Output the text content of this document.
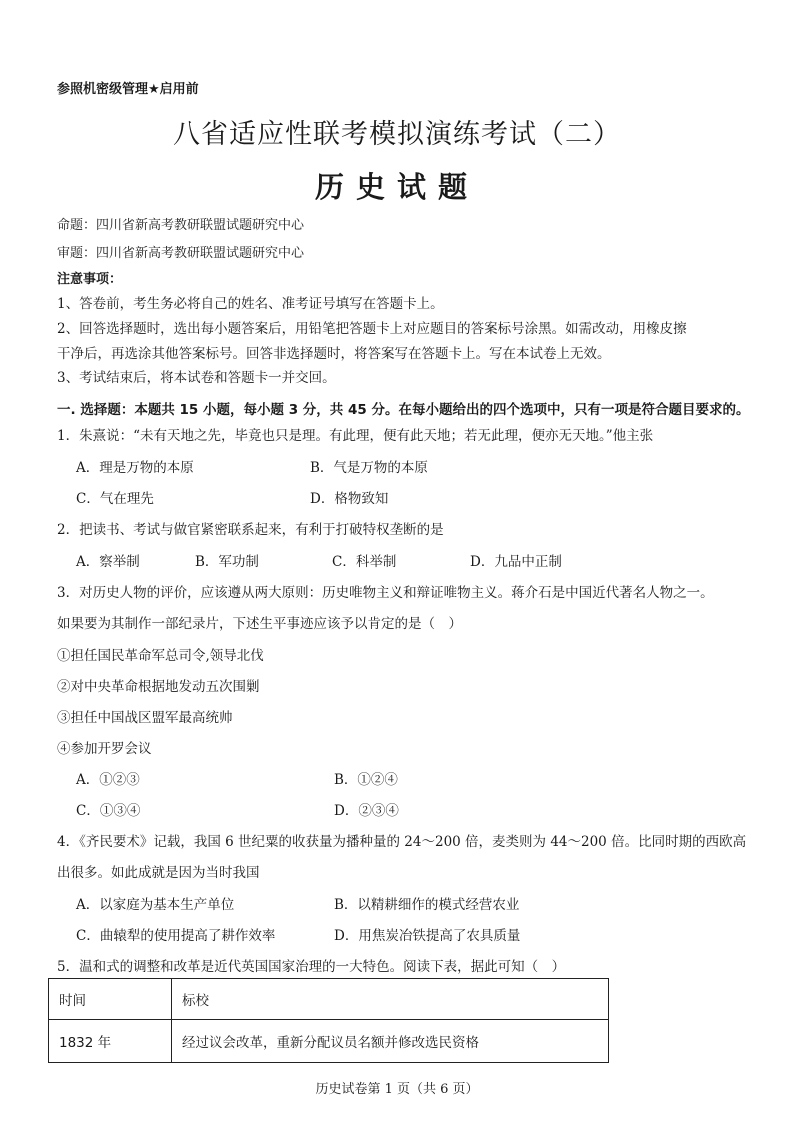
参照机密级管理★启用前
八省适应性联考模拟演练考试（二）
历史试题
命题：四川省新高考教研联盟试题研究中心
审题：四川省新高考教研联盟试题研究中心
注意事项：
1、答卷前，考生务必将自己的姓名、准考证号填写在答题卡上。
2、回答选择题时，选出每小题答案后，用铅笔把答题卡上对应题目的答案标号涂黑。如需改动，用橡皮擦
干净后，再选涂其他答案标号。回答非选择题时，将答案写在答题卡上。写在本试卷上无效。
3、考试结束后，将本试卷和答题卡一并交回。
一. 选择题：本题共 15 小题，每小题 3 分，共 45 分。在每小题给出的四个选项中，只有一项是符合题目要求的。
1．朱熹说：“未有天地之先，毕竟也只是理。有此理，便有此天地；若无此理，便亦无天地。”他主张
A．理是万物的本原	B．气是万物的本原
C．气在理先	D．格物致知
2．把读书、考试与做官紧密联系起来，有利于打破特权垄断的是
A．察举制	B．军功制	C．科举制	D．九品中正制
3．对历史人物的评价，应该遵从两大原则：历史唯物主义和辩证唯物主义。蒋介石是中国近代著名人物之一。
如果要为其制作一部纪录片，下述生平事迹应该予以肯定的是（　）
①担任国民革命军总司令,领导北伐
②对中央革命根据地发动五次围剿
③担任中国战区盟军最高统帅
④参加开罗会议
A．①②③	B．①②④
C．①③④	D．②③④
4．《齐民要术》记载，我国 6 世纪粟的收获量为播种量的 24～200 倍，麦类则为 44～200 倍。比同时期的西欧高
出很多。如此成就是因为当时我国
A．以家庭为基本生产单位	B．以精耕细作的模式经营农业
C．曲辕犁的使用提高了耕作效率	D．用焦炭冶铁提高了农具质量
5．温和式的调整和改革是近代英国国家治理的一大特色。阅读下表，据此可知（　）
时间	标校
1832 年	经过议会改革，重新分配议员名额并修改选民资格
历史试卷第 1 页（共 6 页）
